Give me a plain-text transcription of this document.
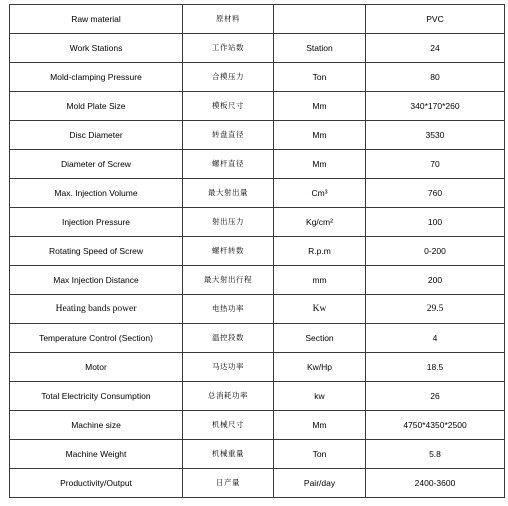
Raw material	原材料		PVC
Work Stations	工作站数	Station	24
Mold-clamping Pressure	合模压力	Ton	80
Mold Plate Size	模板尺寸	Mm	340*170*260
Disc Diameter	转盘直径	Mm	3530
Diameter of Screw	螺杆直径	Mm	70
Max. Injection Volume	最大射出量	Cm³	760
Injection Pressure	射出压力	Kg/cm²	100
Rotating Speed of Screw	螺杆转数	R.p.m	0-200
Max Injection Distance	最大射出行程	mm	200
Heating bands power	电热功率	Kw	29.5
Temperature Control (Section)	温控段数	Section	4
Motor	马达功率	Kw/Hp	18.5
Total Electricity Consumption	总消耗功率	kw	26
Machine size	机械尺寸	Mm	4750*4350*2500
Machine Weight	机械重量	Ton	5.8
Productivity/Output	日产量	Pair/day	2400-3600
